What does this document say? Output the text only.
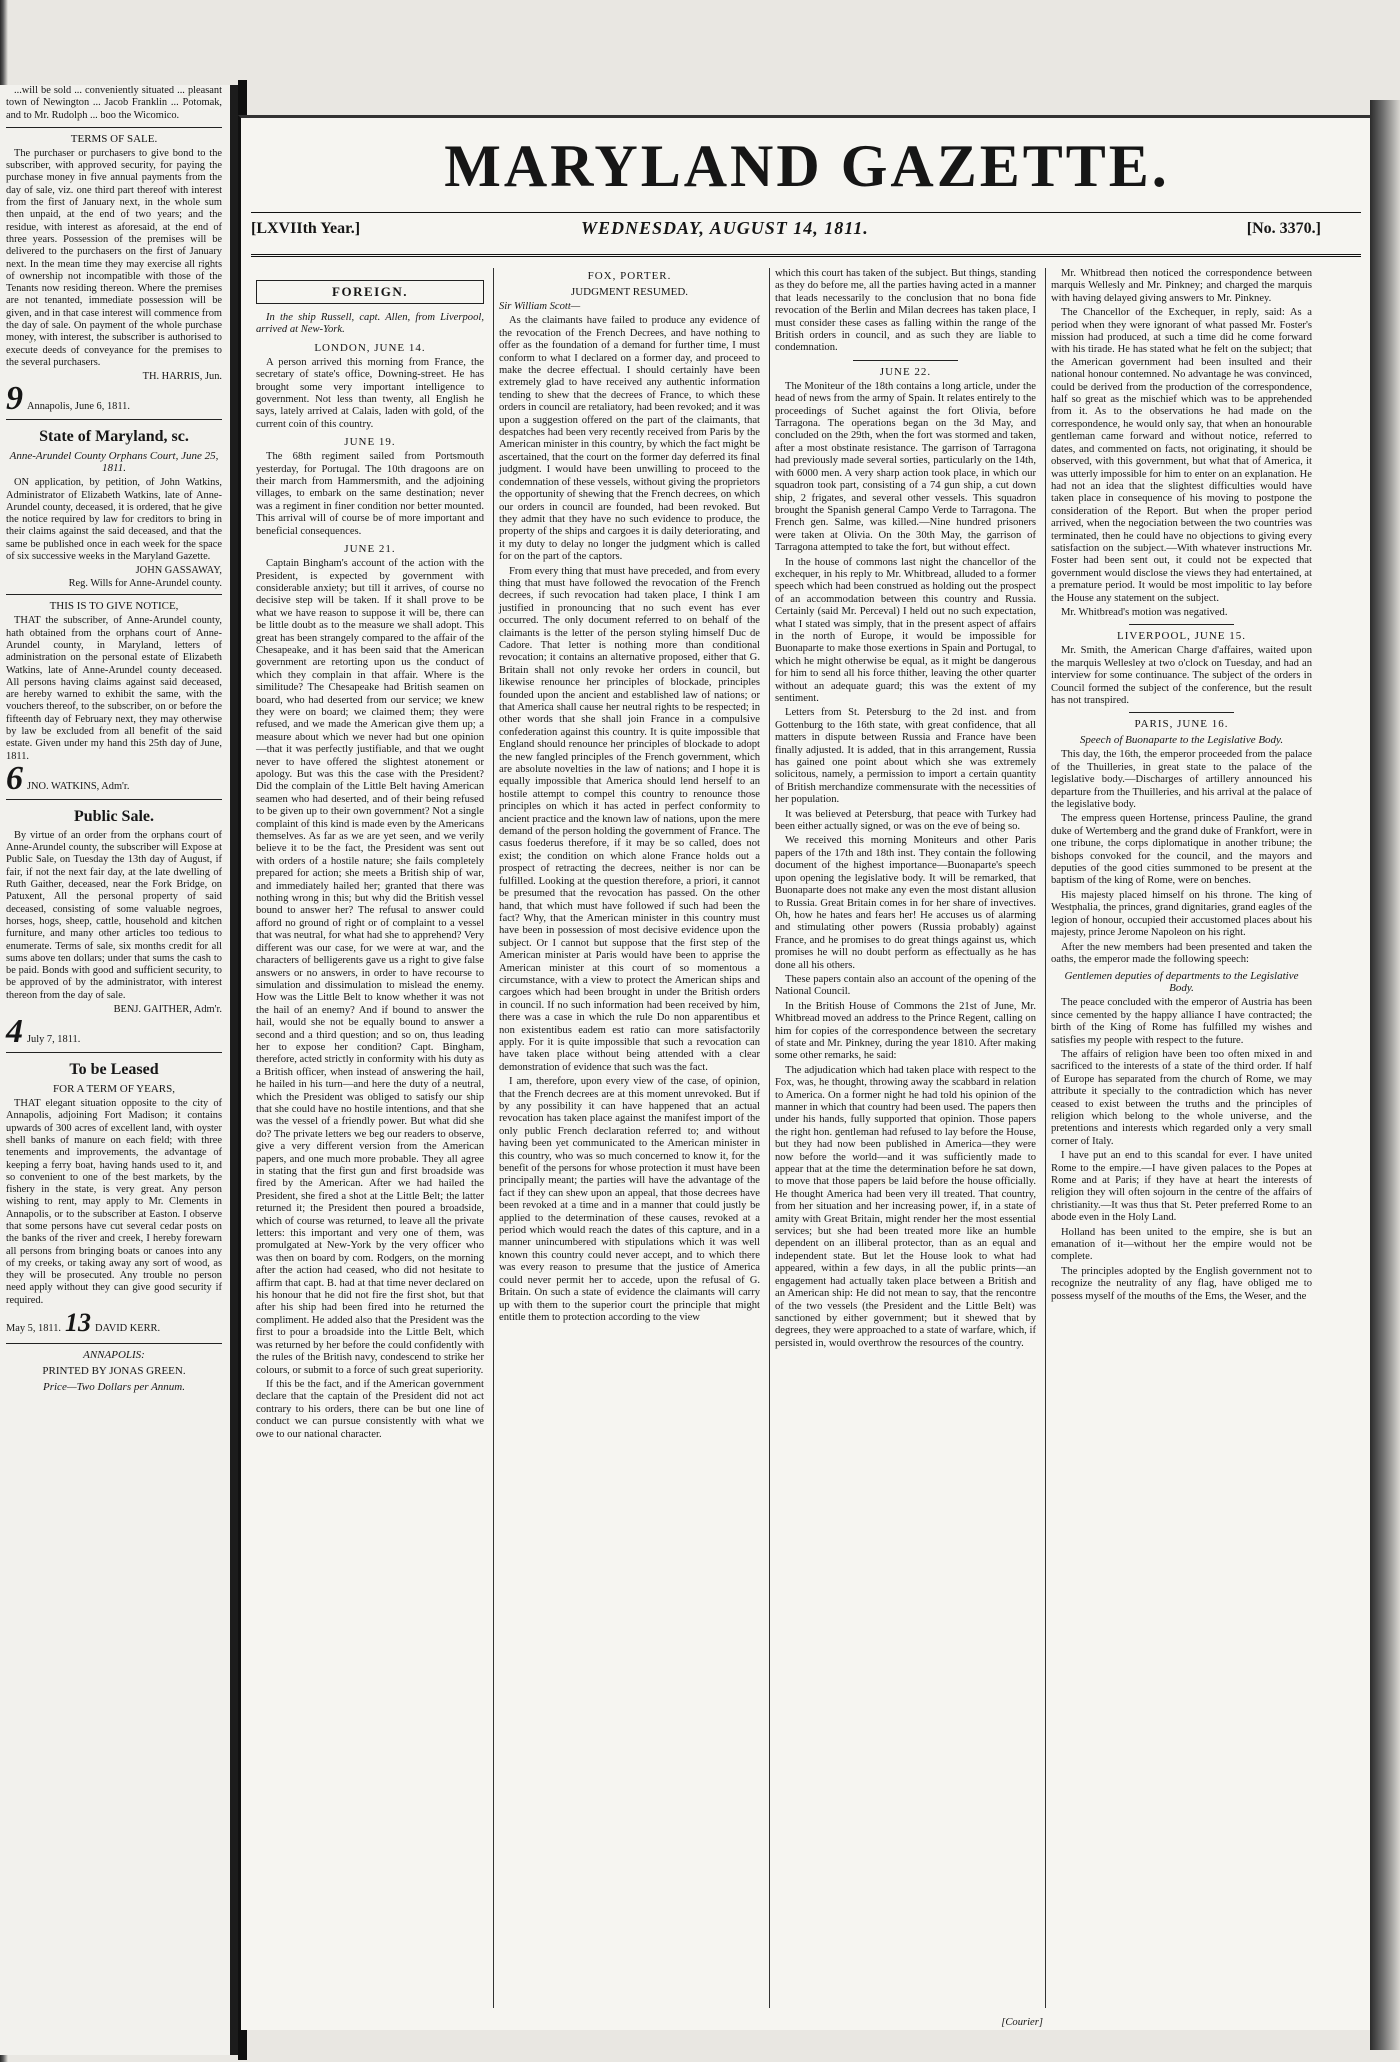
...will be sold ... conveniently situated ... pleasant town of Newington ... Jacob Franklin ... Potomak, and to Mr. Rudolph ... boo the Wicomico.

TERMS OF SALE.

The purchaser or purchasers to give bond to the subscriber, with approved security, for paying the purchase money in five annual payments from the day of sale, viz. one third part thereof with interest from the first of January next, in the whole sum then unpaid, at the end of two years; and the residue, with interest as aforesaid, at the end of three years. Possession of the premises will be delivered to the purchasers on the first of January next. In the mean time they may exercise all rights of ownership not incompatible with those of the Tenants now residing thereon. Where the premises are not tenanted, immediate possession will be given, and in that case interest will commence from the day of sale. On payment of the whole purchase money, with interest, the subscriber is authorised to execute deeds of conveyance for the premises to the several purchasers.

TH. HARRIS, Jun.
9 Annapolis, June 6, 1811.
State of Maryland, sc.
Anne-Arundel County Orphans Court, June 25, 1811.

ON application, by petition, of John Watkins, Administrator of Elizabeth Watkins, late of Anne-Arundel county, deceased, it is ordered, that he give the notice required by law for creditors to bring in their claims against the said deceased, and that the same be published once in each week for the space of six successive weeks in the Maryland Gazette.

JOHN GASSAWAY,
Reg. Wills for Anne-Arundel county.
THIS IS TO GIVE NOTICE,

THAT the subscriber, of Anne-Arundel county, hath obtained from the orphans court of Anne-Arundel county, in Maryland, letters of administration on the personal estate of Elizabeth Watkins, late of Anne-Arundel county deceased. All persons having claims against said deceased, are hereby warned to exhibit the same, with the vouchers thereof, to the subscriber, on or before the fifteenth day of February next, they may otherwise by law be excluded from all benefit of the said estate. Given under my hand this 25th day of June, 1811.

6 JNO. WATKINS, Adm'r.
Public Sale.

By virtue of an order from the orphans court of Anne-Arundel county, the subscriber will Expose at Public Sale, on Tuesday the 13th day of August, if fair, if not the next fair day, at the late dwelling of Ruth Gaither, deceased, near the Fork Bridge, on Patuxent, All the personal property of said deceased, consisting of some valuable negroes, horses, hogs, sheep, cattle, household and kitchen furniture, and many other articles too tedious to enumerate. Terms of sale, six months credit for all sums above ten dollars; under that sums the cash to be paid. Bonds with good and sufficient security, to be approved of by the administrator, with interest thereon from the day of sale.

BENJ. GAITHER, Adm'r.
4 July 7, 1811.
To be Leased
FOR A TERM OF YEARS,

THAT elegant situation opposite to the city of Annapolis, adjoining Fort Madison; it contains upwards of 300 acres of excellent land, with oyster shell banks of manure on each field; with three tenements and improvements, the advantage of keeping a ferry boat, having hands used to it, and so convenient to one of the best markets, by the fishery in the state, is very great. Any person wishing to rent, may apply to Mr. Clements in Annapolis, or to the subscriber at Easton. I observe that some persons have cut several cedar posts on the banks of the river and creek, I hereby forewarn all persons from bringing boats or canoes into any of my creeks, or taking away any sort of wood, as they will be prosecuted. Any trouble no person need apply without they can give good security if required.

May 5, 1811. 13 DAVID KERR.
ANNAPOLIS:
PRINTED BY JONAS GREEN.
Price—Two Dollars per Annum.
MARYLAND GAZETTE.
[LXVIIth Year.]	WEDNESDAY, AUGUST 14, 1811.	[No. 3370.]
FOREIGN.

In the ship Russell, capt. Allen, from Liverpool, arrived at New-York.

LONDON, JUNE 14.

A person arrived this morning from France, the secretary of state's office, Downing-street. He has brought some very important intelligence to government. Not less than twenty, all English he says, lately arrived at Calais, laden with gold, of the current coin of this country.

JUNE 19.

The 68th regiment sailed from Portsmouth yesterday, for Portugal. The 10th dragoons are on their march from Hammersmith, and the adjoining villages, to embark on the same destination; never was a regiment in finer condition nor better mounted. This arrival will of course be of more important and beneficial consequences.

JUNE 21.

Captain Bingham's account of the action with the President, is expected by government with considerable anxiety; but till it arrives, of course no decisive step will be taken. If it shall prove to be what we have reason to suppose it will be, there can be little doubt as to the measure we shall adopt. This great has been strangely compared to the affair of the Chesapeake, and it has been said that the American government are retorting upon us the conduct of which they complain in that affair. Where is the similitude? The Chesapeake had British seamen on board, who had deserted from our service; we knew they were on board; we claimed them; they were refused, and we made the American give them up; a measure about which we never had but one opinion—that it was perfectly justifiable, and that we ought never to have offered the slightest atonement or apology. But was this the case with the President? Did the complain of the Little Belt having American seamen who had deserted, and of their being refused to be given up to their own government? Not a single complaint of this kind is made even by the Americans themselves. As far as we are yet seen, and we verily believe it to be the fact, the President was sent out with orders of a hostile nature; she fails completely prepared for action; she meets a British ship of war, and immediately hailed her; granted that there was nothing wrong in this; but why did the British vessel bound to answer her? The refusal to answer could afford no ground of right or of complaint to a vessel that was neutral, for what had she to apprehend? Very different was our case, for we were at war, and the characters of belligerents gave us a right to give false answers or no answers, in order to have recourse to simulation and dissimulation to mislead the enemy. How was the Little Belt to know whether it was not the hail of an enemy? And if bound to answer the hail, would she not be equally bound to answer a second and a third question; and so on, thus leading her to expose her condition? Capt. Bingham, therefore, acted strictly in conformity with his duty as a British officer, when instead of answering the hail, he hailed in his turn—and here the duty of a neutral, which the President was obliged to satisfy our ship that she could have no hostile intentions, and that she was the vessel of a friendly power. But what did she do? The private letters we beg our readers to observe, give a very different version from the American papers, and one much more probable. They all agree in stating that the first gun and first broadside was fired by the American. After we had hailed the President, she fired a shot at the Little Belt; the latter returned it; the President then poured a broadside, which of course was returned, to leave all the private letters: this important and very one of them, was promulgated at New-York by the very officer who was then on board by com. Rodgers, on the morning after the action had ceased, who did not hesitate to affirm that capt. B. had at that time never declared on his honour that he did not fire the first shot, but that after his ship had been fired into he returned the compliment. He added also that the President was the first to pour a broadside into the Little Belt, which was returned by her before the could confidently with the rules of the British navy, condescend to strike her colours, or submit to a force of such great superiority.

If this be the fact, and if the American government declare that the captain of the President did not act contrary to his orders, there can be but one line of conduct we can pursue consistently with what we owe to our national character.

FOX, PORTER.
JUDGMENT RESUMED.

Sir William Scott—

As the claimants have failed to produce any evidence of the revocation of the French Decrees, and have nothing to offer as the foundation of a demand for further time, I must conform to what I declared on a former day, and proceed to make the decree effectual. I should certainly have been extremely glad to have received any authentic information tending to shew that the decrees of France, to which these orders in council are retaliatory, had been revoked; and it was upon a suggestion offered on the part of the claimants, that despatches had been very recently received from Paris by the American minister in this country, by which the fact might be ascertained, that the court on the former day deferred its final judgment. I would have been unwilling to proceed to the condemnation of these vessels, without giving the proprietors the opportunity of shewing that the French decrees, on which our orders in council are founded, had been revoked. But they admit that they have no such evidence to produce, the property of the ships and cargoes it is daily deteriorating, and it my duty to delay no longer the judgment which is called for on the part of the captors.

From every thing that must have preceded, and from every thing that must have followed the revocation of the French decrees, if such revocation had taken place, I think I am justified in pronouncing that no such event has ever occurred. The only document referred to on behalf of the claimants is the letter of the person styling himself Duc de Cadore. That letter is nothing more than conditional revocation; it contains an alternative proposed, either that G. Britain shall not only revoke her orders in council, but likewise renounce her principles of blockade, principles founded upon the ancient and established law of nations; or that America shall cause her neutral rights to be respected; in other words that she shall join France in a compulsive confederation against this country. It is quite impossible that England should renounce her principles of blockade to adopt the new fangled principles of the French government, which are absolute novelties in the law of nations; and I hope it is equally impossible that America should lend herself to an hostile attempt to compel this country to renounce those principles on which it has acted in perfect conformity to ancient practice and the known law of nations, upon the mere demand of the person holding the government of France. The casus foederus therefore, if it may be so called, does not exist; the condition on which alone France holds out a prospect of retracting the decrees, neither is nor can be fulfilled. Looking at the question therefore, a priori, it cannot be presumed that the revocation has passed. On the other hand, that which must have followed if such had been the fact? Why, that the American minister in this country must have been in possession of most decisive evidence upon the subject. Or I cannot but suppose that the first step of the American minister at Paris would have been to apprise the American minister at this court of so momentous a circumstance, with a view to protect the American ships and cargoes which had been brought in under the British orders in council. If no such information had been received by him, there was a case in which the rule Do non apparentibus et non existentibus eadem est ratio can more satisfactorily apply. For it is quite impossible that such a revocation can have taken place without being attended with a clear demonstration of evidence that such was the fact.

I am, therefore, upon every view of the case, of opinion, that the French decrees are at this moment unrevoked. But if by any possibility it can have happened that an actual revocation has taken place against the manifest import of the only public French declaration referred to; and without having been yet communicated to the American minister in this country, who was so much concerned to know it, for the benefit of the persons for whose protection it must have been principally meant; the parties will have the advantage of the fact if they can shew upon an appeal, that those decrees have been revoked at a time and in a manner that could justly be applied to the determination of these causes, revoked at a period which would reach the dates of this capture, and in a manner unincumbered with stipulations which it was well known this country could never accept, and to which there was every reason to presume that the justice of America could never permit her to accede, upon the refusal of G. Britain. On such a state of evidence the claimants will carry up with them to the superior court the principle that might entitle them to protection according to the view

which this court has taken of the subject. But things, standing as they do before me, all the parties having acted in a manner that leads necessarily to the conclusion that no bona fide revocation of the Berlin and Milan decrees has taken place, I must consider these cases as falling within the range of the British orders in council, and as such they are liable to condemnation.

JUNE 22.

The Moniteur of the 18th contains a long article, under the head of news from the army of Spain. It relates entirely to the proceedings of Suchet against the fort Olivia, before Tarragona. The operations began on the 3d May, and concluded on the 29th, when the fort was stormed and taken, after a most obstinate resistance. The garrison of Tarragona had previously made several sorties, particularly on the 14th, with 6000 men. A very sharp action took place, in which our squadron took part, consisting of a 74 gun ship, a cut down ship, 2 frigates, and several other vessels. This squadron brought the Spanish general Campo Verde to Tarragona. The French gen. Salme, was killed.—Nine hundred prisoners were taken at Olivia. On the 30th May, the garrison of Tarragona attempted to take the fort, but without effect.

In the house of commons last night the chancellor of the exchequer, in his reply to Mr. Whitbread, alluded to a former speech which had been construed as holding out the prospect of an accommodation between this country and Russia. Certainly (said Mr. Perceval) I held out no such expectation, what I stated was simply, that in the present aspect of affairs in the north of Europe, it would be impossible for Buonaparte to make those exertions in Spain and Portugal, to which he might otherwise be equal, as it might be dangerous for him to send all his force thither, leaving the other quarter without an adequate guard; this was the extent of my sentiment.

Letters from St. Petersburg to the 2d inst. and from Gottenburg to the 16th state, with great confidence, that all matters in dispute between Russia and France have been finally adjusted. It is added, that in this arrangement, Russia has gained one point about which she was extremely solicitous, namely, a permission to import a certain quantity of British merchandize commensurate with the necessities of her population.

It was believed at Petersburg, that peace with Turkey had been either actually signed, or was on the eve of being so.

We received this morning Moniteurs and other Paris papers of the 17th and 18th inst. They contain the following document of the highest importance—Buonaparte's speech upon opening the legislative body. It will be remarked, that Buonaparte does not make any even the most distant allusion to Russia. Great Britain comes in for her share of invectives. Oh, how he hates and fears her! He accuses us of alarming and stimulating other powers (Russia probably) against France, and he promises to do great things against us, which promises he will no doubt perform as effectually as he has done all his others.

These papers contain also an account of the opening of the National Council.

In the British House of Commons the 21st of June, Mr. Whitbread moved an address to the Prince Regent, calling on him for copies of the correspondence between the secretary of state and Mr. Pinkney, during the year 1810. After making some other remarks, he said:

The adjudication which had taken place with respect to the Fox, was, he thought, throwing away the scabbard in relation to America. On a former night he had told his opinion of the manner in which that country had been used. The papers then under his hands, fully supported that opinion. Those papers the right hon. gentleman had refused to lay before the House, but they had now been published in America—they were now before the world—and it was sufficiently made to appear that at the time the determination before he sat down, to move that those papers be laid before the house officially. He thought America had been very ill treated. That country, from her situation and her increasing power, if, in a state of amity with Great Britain, might render her the most essential services; but she had been treated more like an humble dependent on an illiberal protector, than as an equal and independent state. But let the House look to what had appeared, within a few days, in all the public prints—an engagement had actually taken place between a British and an American ship: He did not mean to say, that the rencontre of the two vessels (the President and the Little Belt) was sanctioned by either government; but it shewed that by degrees, they were approached to a state of warfare, which, if persisted in, would overthrow the resources of the country.

Mr. Whitbread then noticed the correspondence between marquis Wellesly and Mr. Pinkney; and charged the marquis with having delayed giving answers to Mr. Pinkney.

The Chancellor of the Exchequer, in reply, said: As a period when they were ignorant of what passed Mr. Foster's mission had produced, at such a time did he come forward with his tirade. He has stated what he felt on the subject; that the American government had been insulted and their national honour contemned. No advantage he was convinced, could be derived from the production of the correspondence, half so great as the mischief which was to be apprehended from it. As to the observations he had made on the correspondence, he would only say, that when an honourable gentleman came forward and without notice, referred to dates, and commented on facts, not originating, it should be observed, with this government, but what that of America, it was utterly impossible for him to enter on an explanation. He had not an idea that the slightest difficulties would have taken place in consequence of his moving to postpone the consideration of the Report. But when the proper period arrived, when the negociation between the two countries was terminated, then he could have no objections to giving every satisfaction on the subject.—With whatever instructions Mr. Foster had been sent out, it could not be expected that government would disclose the views they had entertained, at a premature period. It would be most impolitic to lay before the House any statement on the subject.

Mr. Whitbread's motion was negatived.

LIVERPOOL, JUNE 15.

Mr. Smith, the American Charge d'affaires, waited upon the marquis Wellesley at two o'clock on Tuesday, and had an interview for some continuance. The subject of the orders in Council formed the subject of the conference, but the result has not transpired.

PARIS, JUNE 16.
Speech of Buonaparte to the Legislative Body.

This day, the 16th, the emperor proceeded from the palace of the Thuilleries, in great state to the palace of the legislative body.—Discharges of artillery announced his departure from the Thuilleries, and his arrival at the palace of the legislative body.

The empress queen Hortense, princess Pauline, the grand duke of Wertemberg and the grand duke of Frankfort, were in one tribune, the corps diplomatique in another tribune; the bishops convoked for the council, and the mayors and deputies of the good cities summoned to be present at the baptism of the king of Rome, were on benches.

His majesty placed himself on his throne. The king of Westphalia, the princes, grand dignitaries, grand eagles of the legion of honour, occupied their accustomed places about his majesty, prince Jerome Napoleon on his right.

After the new members had been presented and taken the oaths, the emperor made the following speech:

Gentlemen deputies of departments to the Legislative Body.

The peace concluded with the emperor of Austria has been since cemented by the happy alliance I have contracted; the birth of the King of Rome has fulfilled my wishes and satisfies my people with respect to the future.

The affairs of religion have been too often mixed in and sacrificed to the interests of a state of the third order. If half of Europe has separated from the church of Rome, we may attribute it specially to the contradiction which has never ceased to exist between the truths and the principles of religion which belong to the whole universe, and the pretentions and interests which regarded only a very small corner of Italy.

I have put an end to this scandal for ever. I have united Rome to the empire.—I have given palaces to the Popes at Rome and at Paris; if they have at heart the interests of religion they will often sojourn in the centre of the affairs of christianity.—It was thus that St. Peter preferred Rome to an abode even in the Holy Land.

Holland has been united to the empire, she is but an emanation of it—without her the empire would not be complete.

The principles adopted by the English government not to recognize the neutrality of any flag, have obliged me to possess myself of the mouths of the Ems, the Weser, and the

[Courier]
